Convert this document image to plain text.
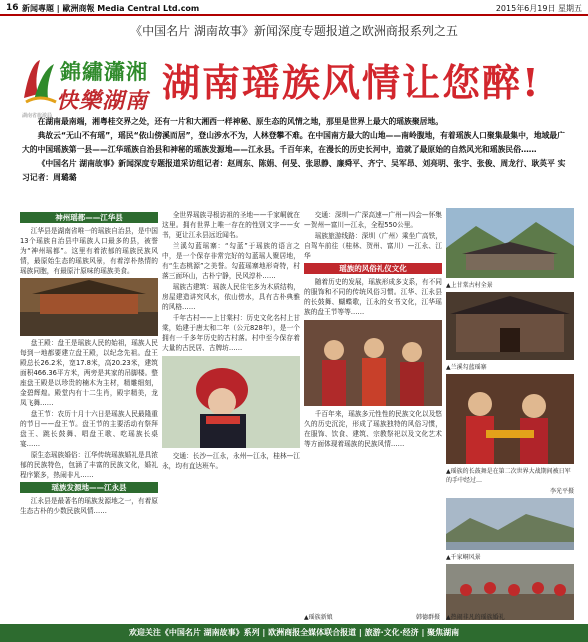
16 新闻專題 | 歐洲商報 Media Central Ltd.com	2015年6月19日 星期五
《中国名片 湖南故事》新闻深度专题报道之欧洲商报系列之五
錦繡瀟湘
快樂湖南
湖南省旅游局
湖南瑶族风情让您醉!

在湖南最南端，湘粤桂交界之处，还有一片和大湘西一样神秘、原生态的风情之地，那里是世界上最大的瑶族聚居地。

典故云“无山不有瑶”，瑶民“依山傍溪而居”，登山涉水不为，人林登攀不难。在中国南方最大的山地——南岭腹地，有着瑶族人口聚集最集中，地域最广大的中国瑶族第一县——江华瑶族自治县和神秘的瑶族发源地——江永县。千百年来，在漫长的历史长河中，造就了最原始的自然风光和瑶族民俗……

《中国名片 湖南故事》新闻深度专题报道采访组记者：赵周东、陈娟、何旻、张思静、廉舜平、齐宁、吴军昂、刘亮明、张宇、张俊、周龙行、耿英平 实习记者：周璐璐

神州瑶都——江华县

江华县是湖南省唯一的瑶族自治县，是中国13个瑶族自治县中瑶族人口最多的县，被誉为“神州瑶都”。这里有着浓郁的瑶族民族风情，最原始生态的瑶族风景，有着淳朴热情的瑶族同胞，有最原汁原味的瑶族美食。

盘王殿：盘王是瑶族人民的始祖，瑶族人民每到一地都要建立盘王殿，以纪念先祖。盘王殿总长26.2米，宽17.8米，高20.23米，建筑面积466.36平方米，两旁是其家的吊脚楼。整座盘王殿是以珍贵的楠木为主材，精雕细刻，金碧辉煌。殿堂内有十二生肖，殿宇精美，龙凤飞舞……

盘王节：农历十月十六日是瑶族人民最隆重的节日——盘王节。盘王节的主要活动有祭拜盘王、跳长鼓舞、唱盘王歌、吃瑶族长桌宴……

原生态瑶族婚俗：江华传统瑶族婚礼是具浓郁的民族特色，包涵了丰富的民族文化，婚礼程序繁多，热闹非凡……

瑶族发源地——江永县

江永县是最著名的瑶族发源地之一，有着原生态古朴的少数民族风情……

全世界瑶族寻根访祖的圣地——千家峒就在这里。拥有世界上唯一存在的性别文字——女书，更让江永县远近闻名。

兰溪勾蓝瑶寨：“勾蓝”于瑶族的语言之中，是一个保存非常完好的勾蓝瑶人聚居地，有“生态桃源”之美誉。勾蓝瑶寨地形奇特，村落三面环山，古朴宁静，民风淳朴……

瑶族古建筑：瑶族人民住宅多为木质结构，房屋建造讲究风水，依山傍水，具有古朴典雅的风格……

千年古村——上甘棠村：历史文化名村上甘棠，始建于唐太和二年（公元828年），是一个拥有一千多年历史的古村落。村中至今保存着大量的古民居、古牌坊……

交通：长沙—江永，永州—江永，桂林—江永，均有直达班车。

交通：深圳—广深高速—广州—四会—怀集—贺州—富川—江永，全程550公里。

瑶族旅游线路：深圳（广州）乘坐广高铁，自驾车前往（桂林、贺州、富川）—江永、江华

瑶族的风俗礼仪文化

随着历史的发展，瑶族形成多支系，有不同的服饰和不同的传统风俗习惯。江华、江永县的长鼓舞、蝴蝶歌，江永的女书文化，江华瑶族的盘王节等等……

千百年来，瑶族多元性性的民族文化以及悠久的历史沉淀，形成了瑶族独特的风俗习惯，在服饰、饮食、建筑、宗教祭祀以及文化艺术等方面体现着瑶族的民族风情……

▲上甘棠古村全景
▲兰溪勾蓝瑶寨
▲瑶族的长鼓舞是在第二次世界大战期间被日军的手中经过…
李光平摄
▲千家峒风景
▲热闹非凡的瑶族婚礼
▲瑶族新娘	韩德群摄
欢迎关注《中国名片 湖南故事》系列 | 欧洲商报全媒体联合报道 | 旅游·文化·经济 | 聚焦湖南
